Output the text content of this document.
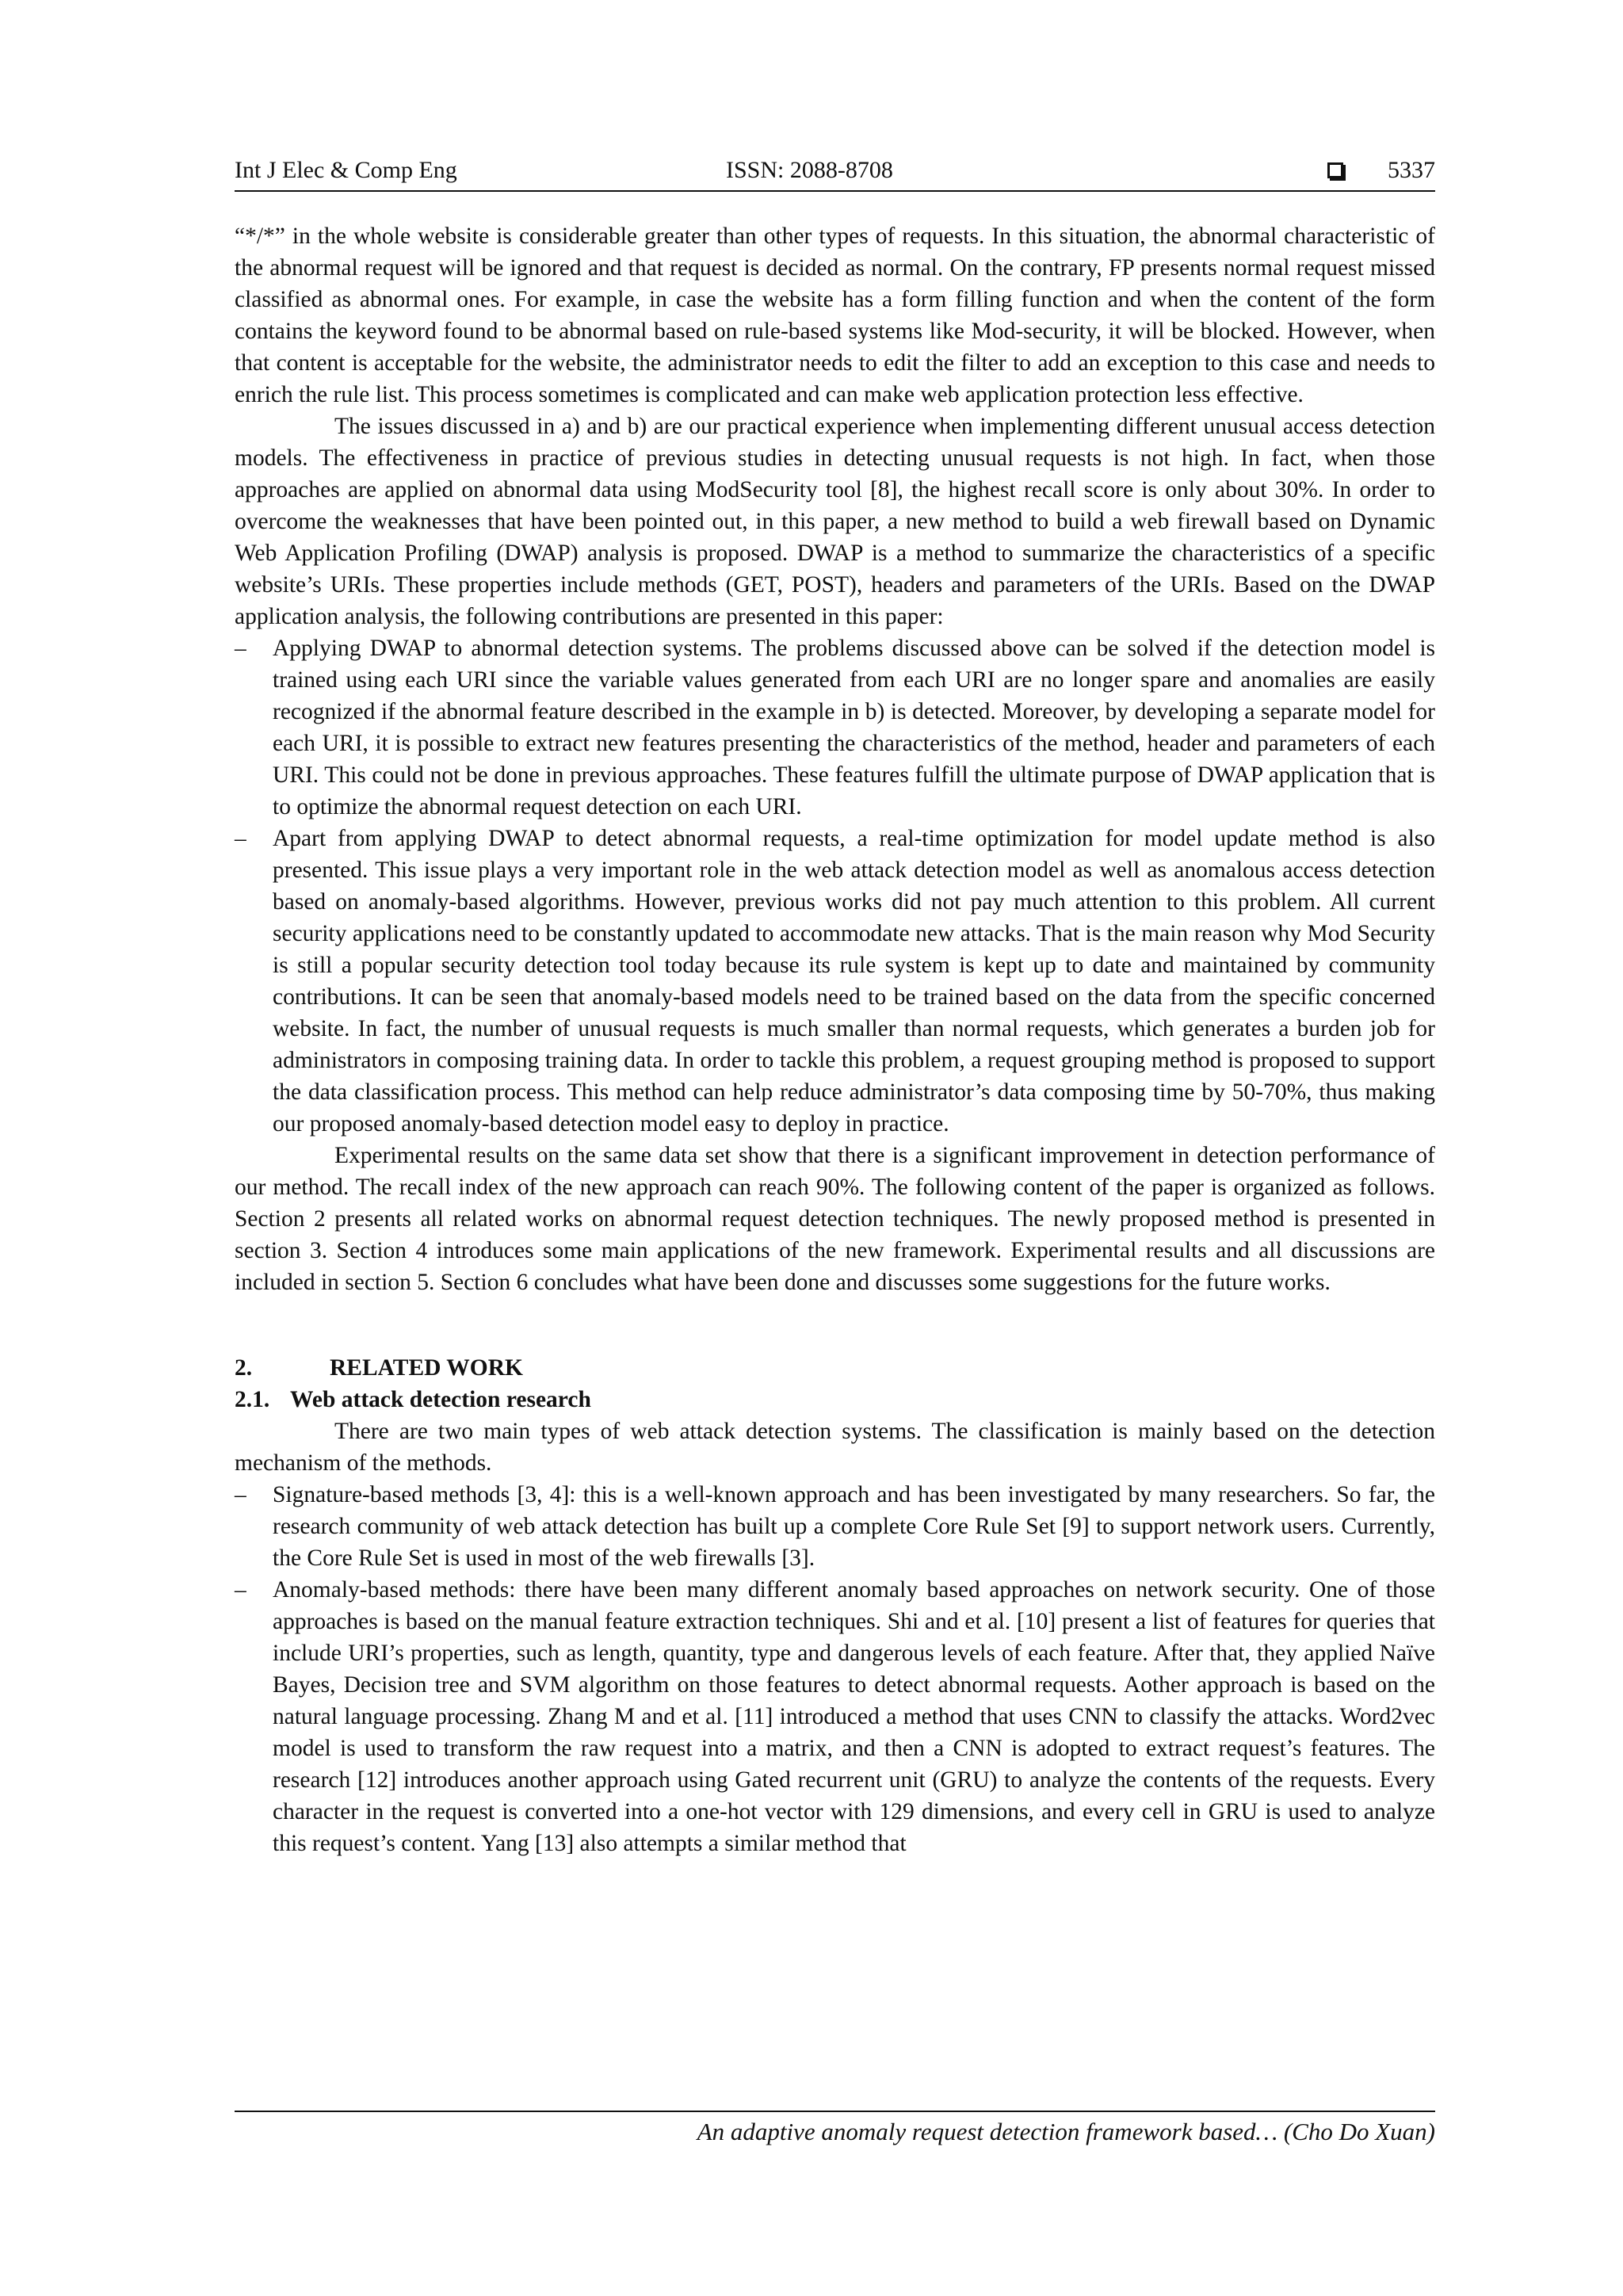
Int J Elec & Comp Eng	ISSN: 2088-8708	5337

“*/*” in the whole website is considerable greater than other types of requests. In this situation, the abnormal characteristic of the abnormal request will be ignored and that request is decided as normal. On the contrary, FP presents normal request missed classified as abnormal ones. For example, in case the website has a form filling function and when the content of the form contains the keyword found to be abnormal based on rule-based systems like Mod-security, it will be blocked. However, when that content is acceptable for the website, the administrator needs to edit the filter to add an exception to this case and needs to enrich the rule list. This process sometimes is complicated and can make web application protection less effective.

The issues discussed in a) and b) are our practical experience when implementing different unusual access detection models. The effectiveness in practice of previous studies in detecting unusual requests is not high. In fact, when those approaches are applied on abnormal data using ModSecurity tool [8], the highest recall score is only about 30%. In order to overcome the weaknesses that have been pointed out, in this paper, a new method to build a web firewall based on Dynamic Web Application Profiling (DWAP) analysis is proposed. DWAP is a method to summarize the characteristics of a specific website’s URIs. These properties include methods (GET, POST), headers and parameters of the URIs. Based on the DWAP application analysis, the following contributions are presented in this paper:

– Applying DWAP to abnormal detection systems. The problems discussed above can be solved if the detection model is trained using each URI since the variable values generated from each URI are no longer spare and anomalies are easily recognized if the abnormal feature described in the example in b) is detected. Moreover, by developing a separate model for each URI, it is possible to extract new features presenting the characteristics of the method, header and parameters of each URI. This could not be done in previous approaches. These features fulfill the ultimate purpose of DWAP application that is to optimize the abnormal request detection on each URI.
– Apart from applying DWAP to detect abnormal requests, a real-time optimization for model update method is also presented. This issue plays a very important role in the web attack detection model as well as anomalous access detection based on anomaly-based algorithms. However, previous works did not pay much attention to this problem. All current security applications need to be constantly updated to accommodate new attacks. That is the main reason why Mod Security is still a popular security detection tool today because its rule system is kept up to date and maintained by community contributions. It can be seen that anomaly-based models need to be trained based on the data from the specific concerned website. In fact, the number of unusual requests is much smaller than normal requests, which generates a burden job for administrators in composing training data. In order to tackle this problem, a request grouping method is proposed to support the data classification process. This method can help reduce administrator’s data composing time by 50-70%, thus making our proposed anomaly-based detection model easy to deploy in practice.

Experimental results on the same data set show that there is a significant improvement in detection performance of our method. The recall index of the new approach can reach 90%. The following content of the paper is organized as follows. Section 2 presents all related works on abnormal request detection techniques. The newly proposed method is presented in section 3. Section 4 introduces some main applications of the new framework. Experimental results and all discussions are included in section 5. Section 6 concludes what have been done and discusses some suggestions for the future works.

2.	RELATED WORK

2.1. Web attack detection research

There are two main types of web attack detection systems. The classification is mainly based on the detection mechanism of the methods.

– Signature-based methods [3, 4]: this is a well-known approach and has been investigated by many researchers. So far, the research community of web attack detection has built up a complete Core Rule Set [9] to support network users. Currently, the Core Rule Set is used in most of the web firewalls [3].
– Anomaly-based methods: there have been many different anomaly based approaches on network security. One of those approaches is based on the manual feature extraction techniques. Shi and et al. [10] present a list of features for queries that include URI’s properties, such as length, quantity, type and dangerous levels of each feature. After that, they applied Naïve Bayes, Decision tree and SVM algorithm on those features to detect abnormal requests. Aother approach is based on the natural language processing. Zhang M and et al. [11] introduced a method that uses CNN to classify the attacks. Word2vec model is used to transform the raw request into a matrix, and then a CNN is adopted to extract request’s features. The research [12] introduces another approach using Gated recurrent unit (GRU) to analyze the contents of the requests. Every character in the request is converted into a one-hot vector with 129 dimensions, and every cell in GRU is used to analyze this request’s content. Yang [13] also attempts a similar method that
An adaptive anomaly request detection framework based… (Cho Do Xuan)
